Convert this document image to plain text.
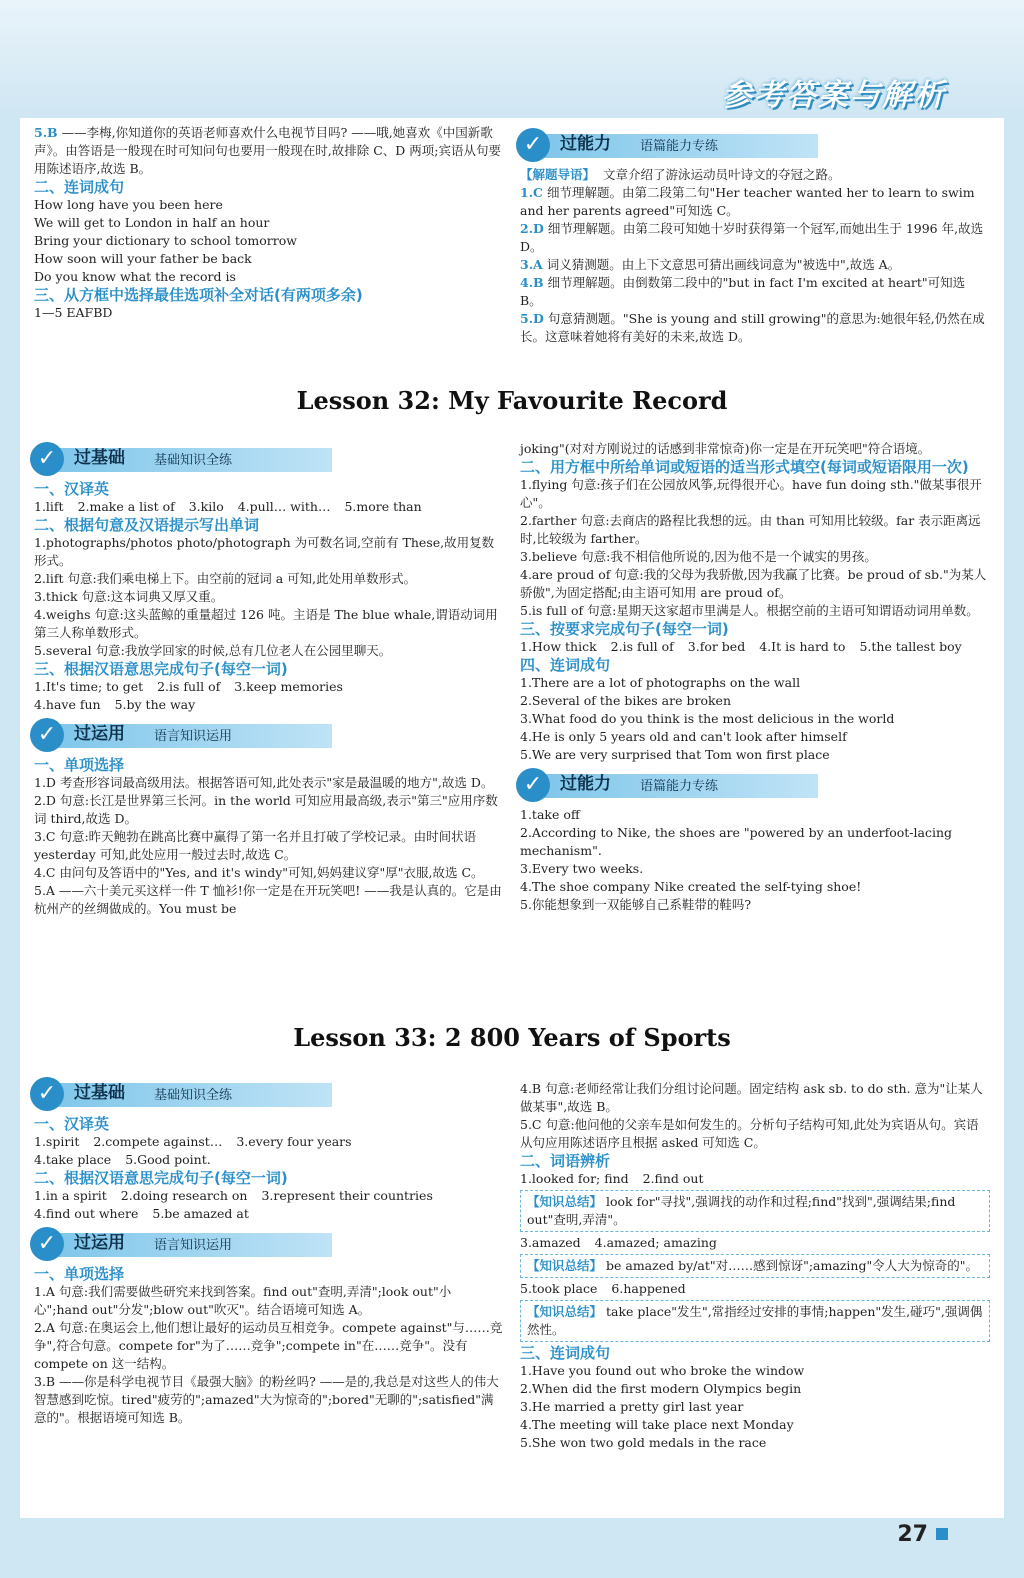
参考答案与解析

5.B ——李梅,你知道你的英语老师喜欢什么电视节目吗? ——哦,她喜欢《中国新歌声》。由答语是一般现在时可知问句也要用一般现在时,故排除 C、D 两项;宾语从句要用陈述语序,故选 B。

二、连词成句

How long have you been here

We will get to London in half an hour

Bring your dictionary to school tomorrow

How soon will your father be back

Do you know what the record is

三、从方框中选择最佳选项补全对话(有两项多余)

1—5 EAFBD

✓	过能力 语篇能力专练

【解题导语】 文章介绍了游泳运动员叶诗文的夺冠之路。

1.C 细节理解题。由第二段第二句"Her teacher wanted her to learn to swim and her parents agreed"可知选 C。

2.D 细节理解题。由第二段可知她十岁时获得第一个冠军,而她出生于 1996 年,故选 D。

3.A 词义猜测题。由上下文意思可猜出画线词意为"被选中",故选 A。

4.B 细节理解题。由倒数第二段中的"but in fact I'm excited at heart"可知选 B。

5.D 句意猜测题。"She is young and still growing"的意思为:她很年轻,仍然在成长。这意味着她将有美好的未来,故选 D。

Lesson 32: My Favourite Record
✓	过基础 基础知识全练

一、汉译英

1.lift 2.make a list of 3.kilo 4.pull… with… 5.more than

二、根据句意及汉语提示写出单词

1.photographs/photos photo/photograph 为可数名词,空前有 These,故用复数形式。

2.lift 句意:我们乘电梯上下。由空前的冠词 a 可知,此处用单数形式。

3.thick 句意:这本词典又厚又重。

4.weighs 句意:这头蓝鲸的重量超过 126 吨。主语是 The blue whale,谓语动词用第三人称单数形式。

5.several 句意:我放学回家的时候,总有几位老人在公园里聊天。

三、根据汉语意思完成句子(每空一词)

1.It's time; to get 2.is full of 3.keep memories

4.have fun 5.by the way

✓	过运用 语言知识运用

一、单项选择

1.D 考查形容词最高级用法。根据答语可知,此处表示"家是最温暖的地方",故选 D。

2.D 句意:长江是世界第三长河。in the world 可知应用最高级,表示"第三"应用序数词 third,故选 D。

3.C 句意:昨天鲍勃在跳高比赛中赢得了第一名并且打破了学校记录。由时间状语 yesterday 可知,此处应用一般过去时,故选 C。

4.C 由问句及答语中的"Yes, and it's windy"可知,妈妈建议穿"厚"衣服,故选 C。

5.A ——六十美元买这样一件 T 恤衫!你一定是在开玩笑吧! ——我是认真的。它是由杭州产的丝绸做成的。You must be

joking"(对对方刚说过的话感到非常惊奇)你一定是在开玩笑吧"符合语境。

二、用方框中所给单词或短语的适当形式填空(每词或短语限用一次)

1.flying 句意:孩子们在公园放风筝,玩得很开心。have fun doing sth."做某事很开心"。

2.farther 句意:去商店的路程比我想的远。由 than 可知用比较级。far 表示距离远时,比较级为 farther。

3.believe 句意:我不相信他所说的,因为他不是一个诚实的男孩。

4.are proud of 句意:我的父母为我骄傲,因为我赢了比赛。be proud of sb."为某人骄傲",为固定搭配;由主语可知用 are proud of。

5.is full of 句意:星期天这家超市里满是人。根据空前的主语可知谓语动词用单数。

三、按要求完成句子(每空一词)

1.How thick 2.is full of 3.for bed 4.It is hard to 5.the tallest boy

四、连词成句

1.There are a lot of photographs on the wall

2.Several of the bikes are broken

3.What food do you think is the most delicious in the world

4.He is only 5 years old and can't look after himself

5.We are very surprised that Tom won first place

✓	过能力 语篇能力专练

1.take off

2.According to Nike, the shoes are "powered by an underfoot-lacing mechanism".

3.Every two weeks.

4.The shoe company Nike created the self-tying shoe!

5.你能想象到一双能够自己系鞋带的鞋吗?

Lesson 33: 2 800 Years of Sports
✓	过基础 基础知识全练

一、汉译英

1.spirit 2.compete against… 3.every four years

4.take place 5.Good point.

二、根据汉语意思完成句子(每空一词)

1.in a spirit 2.doing research on 3.represent their countries

4.find out where 5.be amazed at

✓	过运用 语言知识运用

一、单项选择

1.A 句意:我们需要做些研究来找到答案。find out"查明,弄清";look out"小心";hand out"分发";blow out"吹灭"。结合语境可知选 A。

2.A 句意:在奥运会上,他们想让最好的运动员互相竞争。compete against"与……竞争",符合句意。compete for"为了……竞争";compete in"在……竞争"。没有 compete on 这一结构。

3.B ——你是科学电视节目《最强大脑》的粉丝吗? ——是的,我总是对这些人的伟大智慧感到吃惊。tired"疲劳的";amazed"大为惊奇的";bored"无聊的";satisfied"满意的"。根据语境可知选 B。

4.B 句意:老师经常让我们分组讨论问题。固定结构 ask sb. to do sth. 意为"让某人做某事",故选 B。

5.C 句意:他问他的父亲车是如何发生的。分析句子结构可知,此处为宾语从句。宾语从句应用陈述语序且根据 asked 可知选 C。

二、词语辨析

1.looked for; find 2.find out

【知识总结】 look for"寻找",强调找的动作和过程;find"找到",强调结果;find out"查明,弄清"。

3.amazed 4.amazed; amazing

【知识总结】 be amazed by/at"对……感到惊讶";amazing"令人大为惊奇的"。

5.took place 6.happened

【知识总结】 take place"发生",常指经过安排的事情;happen"发生,碰巧",强调偶然性。

三、连词成句

1.Have you found out who broke the window

2.When did the first modern Olympics begin

3.He married a pretty girl last year

4.The meeting will take place next Monday

5.She won two gold medals in the race

27
